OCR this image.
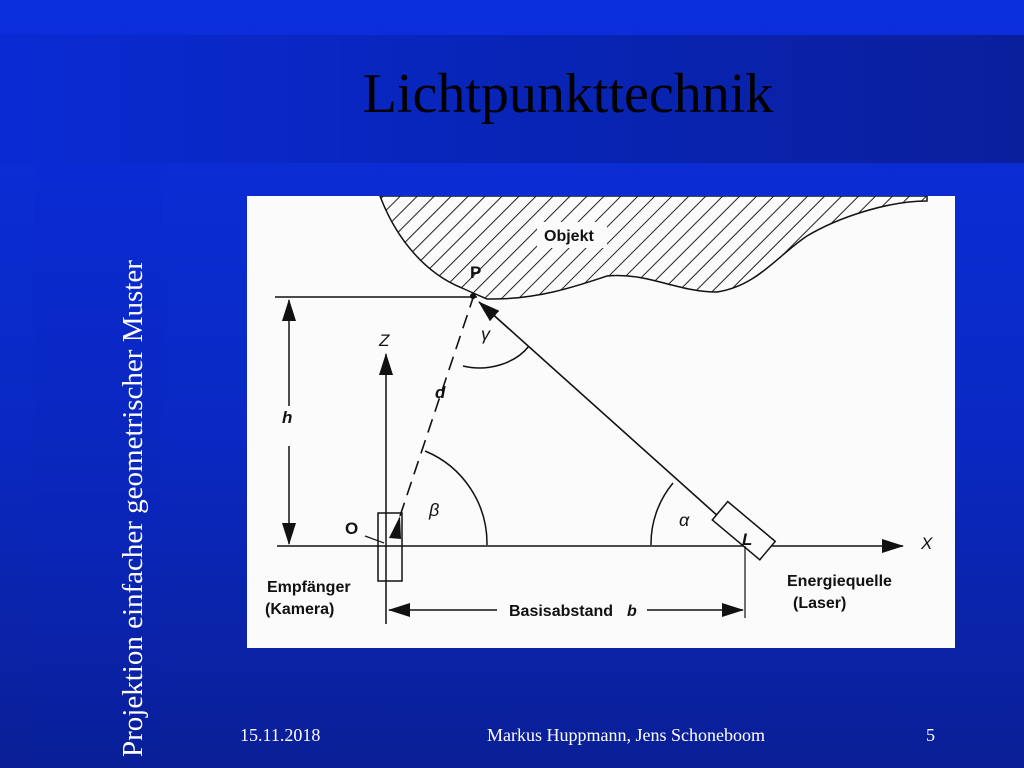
Lichtpunkttechnik
Projektion einfacher geometrischer Muster
Objekt
P
h
X
Z
O
d
L
β	α
γ
Basisabstand b
Empfänger
(Kamera)
Energiequelle
(Laser)
15.11.2018	Markus Huppmann, Jens Schoneboom	5
